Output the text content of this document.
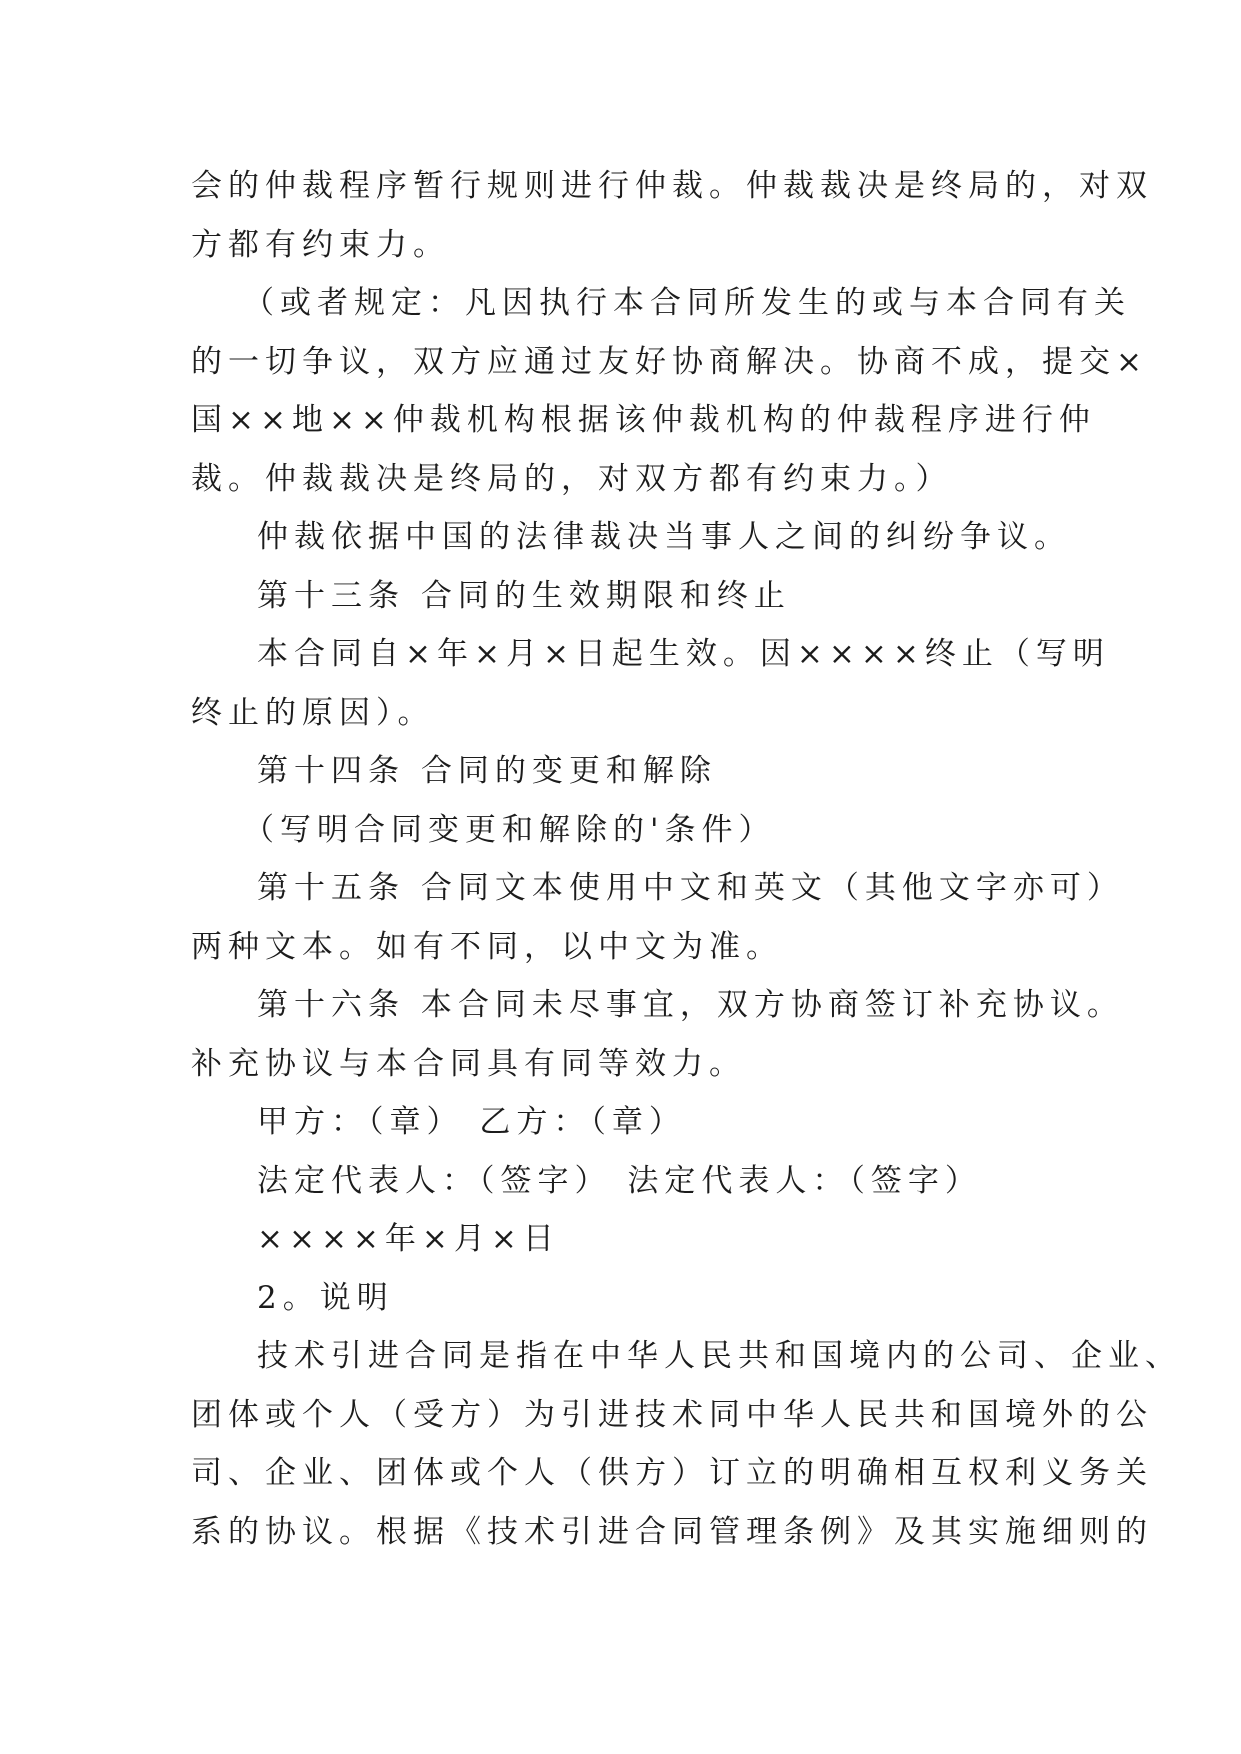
会的仲裁程序暂行规则进行仲裁。仲裁裁决是终局的，对双

方都有约束力。

（或者规定：凡因执行本合同所发生的或与本合同有关

的一切争议，双方应通过友好协商解决。协商不成，提交×

国××地××仲裁机构根据该仲裁机构的仲裁程序进行仲

裁。仲裁裁决是终局的，对双方都有约束力。）

仲裁依据中国的法律裁决当事人之间的纠纷争议。

第十三条 合同的生效期限和终止

本合同自×年×月×日起生效。因××××终止（写明

终止的原因）。

第十四条 合同的变更和解除

（写明合同变更和解除的'条件）

第十五条 合同文本使用中文和英文（其他文字亦可）

两种文本。如有不同，以中文为准。

第十六条 本合同未尽事宜，双方协商签订补充协议。

补充协议与本合同具有同等效力。

甲方：（章） 乙方：（章）

法定代表人：（签字） 法定代表人：（签字）

××××年×月×日

2。说明

技术引进合同是指在中华人民共和国境内的公司、企业、

团体或个人（受方）为引进技术同中华人民共和国境外的公

司、企业、团体或个人（供方）订立的明确相互权利义务关

系的协议。根据《技术引进合同管理条例》及其实施细则的
